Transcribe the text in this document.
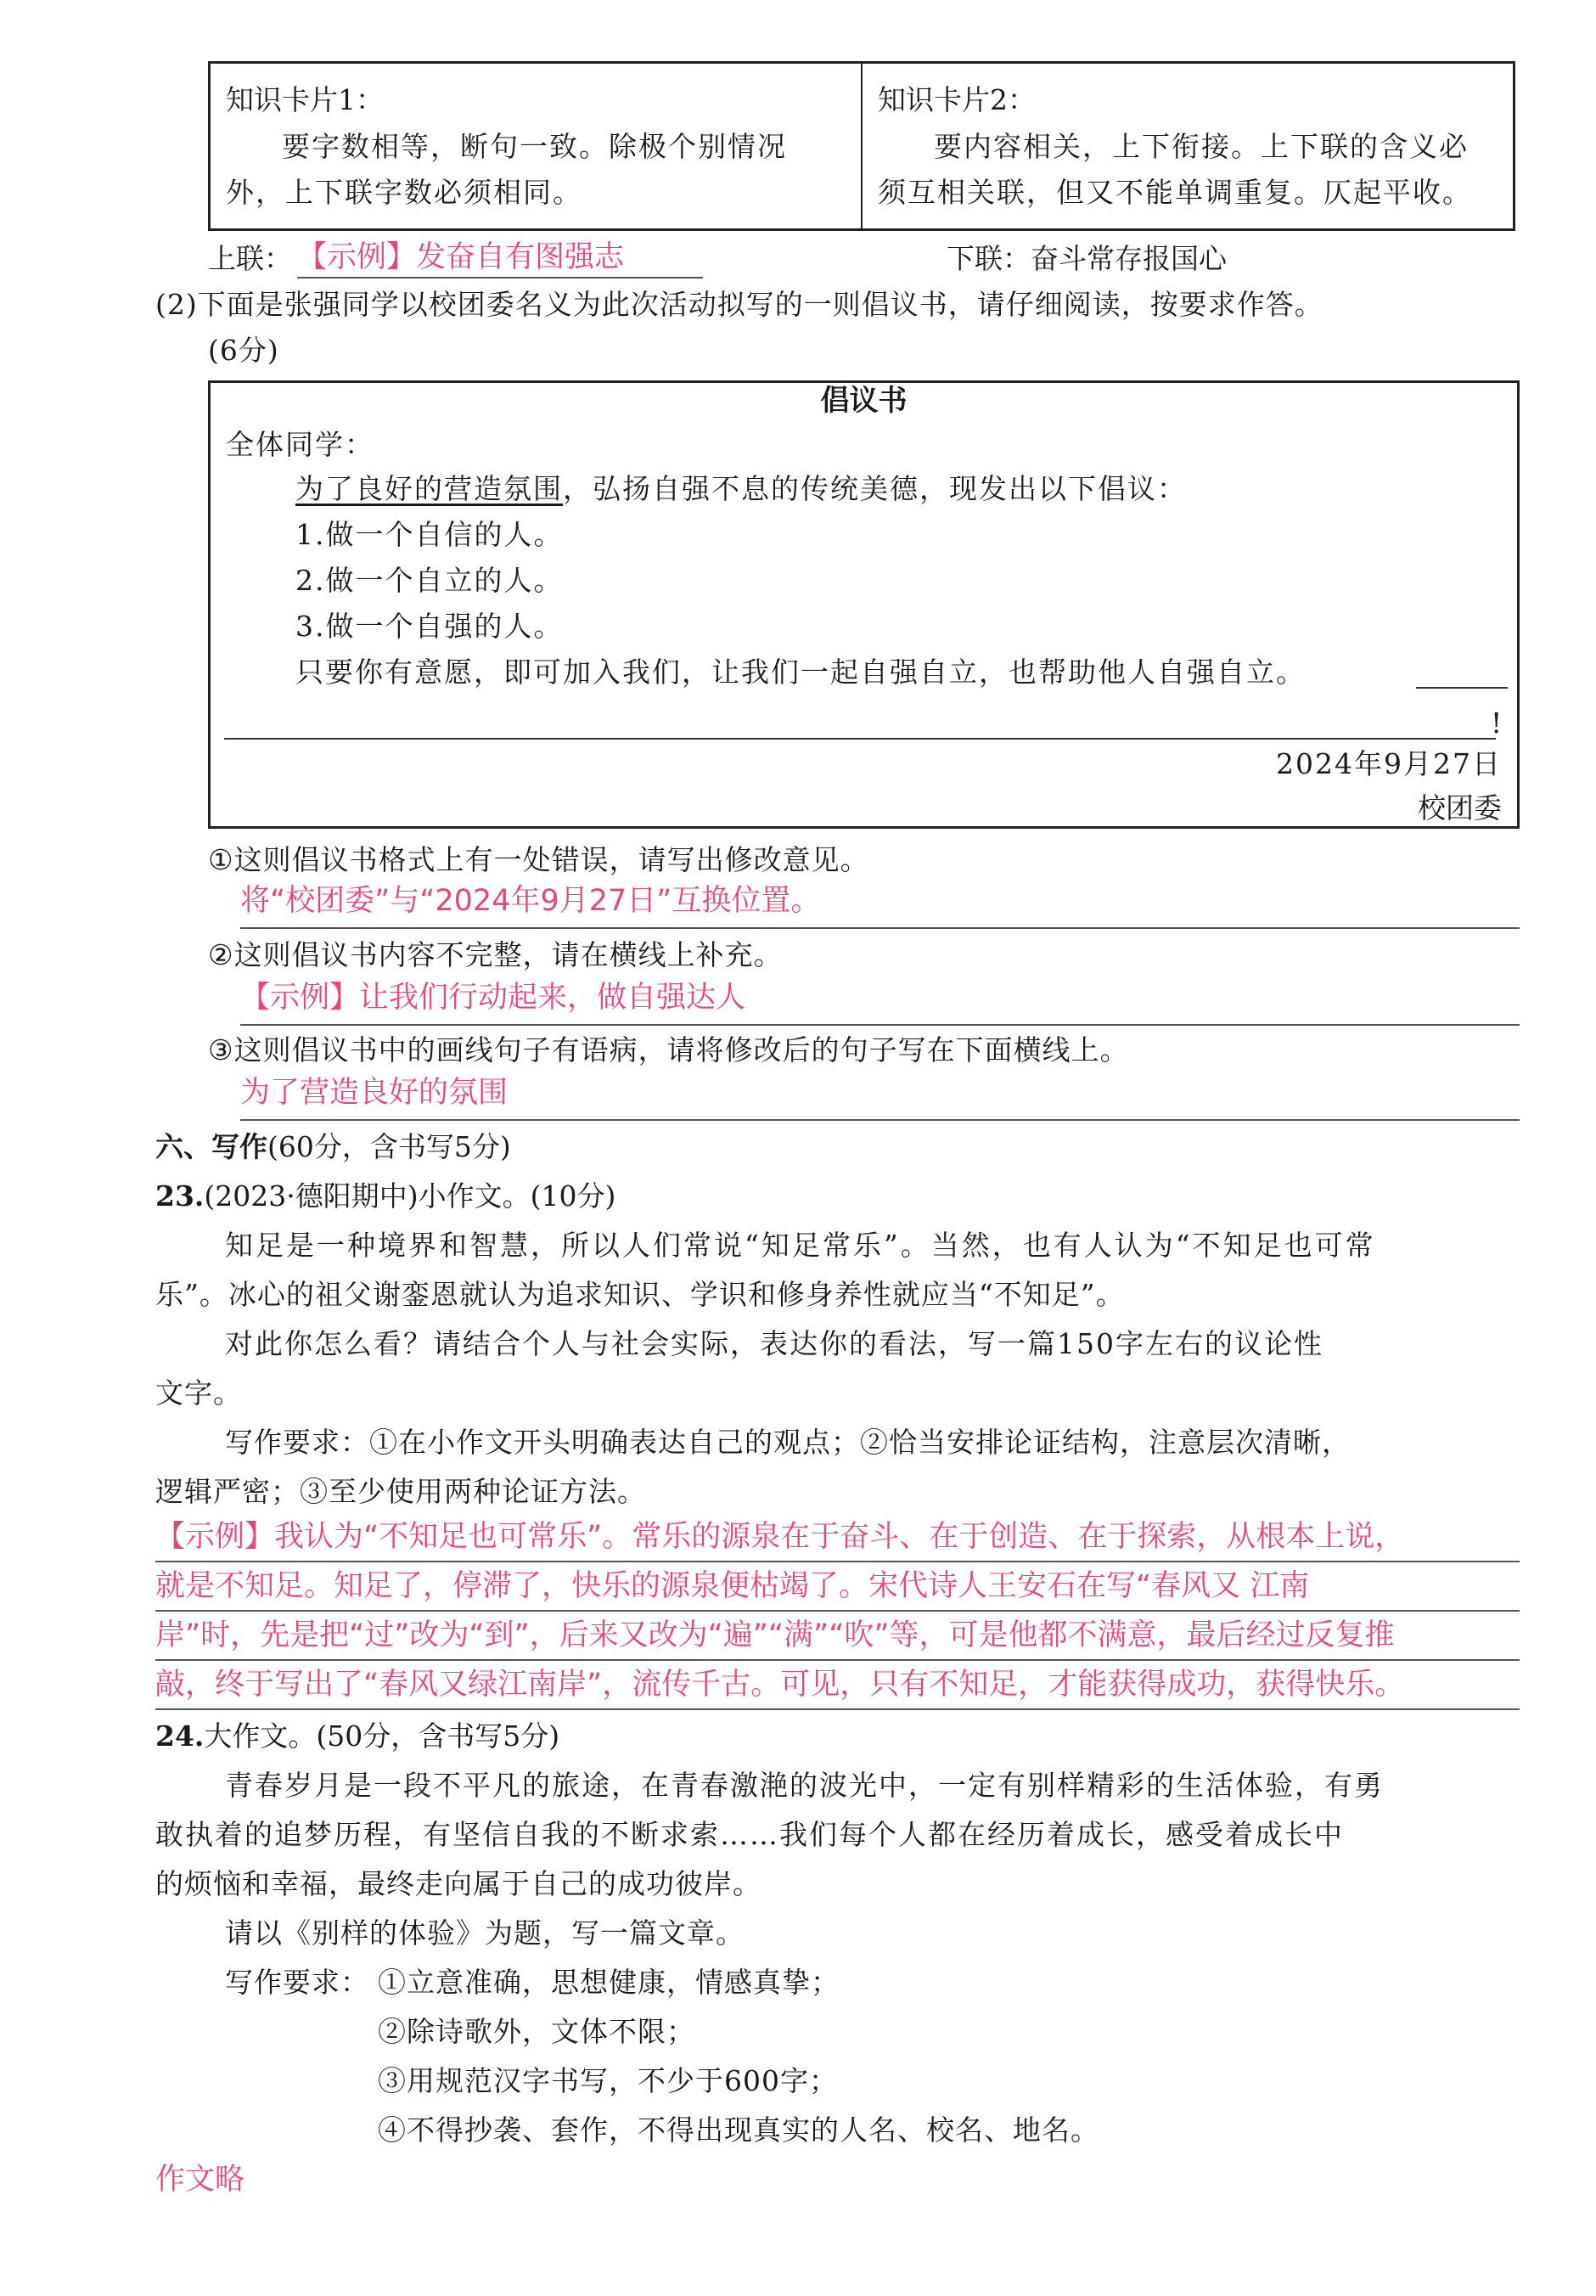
知识卡片1：
要字数相等，断句一致。除极个别情况外，上下联字数必须相同。
知识卡片2：
要内容相关，上下衔接。上下联的含义必须互相关联，但又不能单调重复。仄起平收。
上联： 【示例】发奋自有图强志	下联：奋斗常存报国心
(2)下面是张强同学以校团委名义为此次活动拟写的一则倡议书，请仔细阅读，按要求作答。
(6分)
倡议书
全体同学：
为了良好的营造氛围，弘扬自强不息的传统美德，现发出以下倡议：
1.做一个自信的人。
2.做一个自立的人。
3.做一个自强的人。
只要你有意愿，即可加入我们，让我们一起自强自立，也帮助他人自强自立。
!
2024年9月27日
校团委
①这则倡议书格式上有一处错误，请写出修改意见。
将“校团委”与“2024年9月27日”互换位置。
②这则倡议书内容不完整，请在横线上补充。
【示例】让我们行动起来，做自强达人
③这则倡议书中的画线句子有语病，请将修改后的句子写在下面横线上。
为了营造良好的氛围
六、写作(60分，含书写5分)
23.(2023·德阳期中)小作文。(10分)
知足是一种境界和智慧，所以人们常说“知足常乐”。当然，也有人认为“不知足也可常
乐”。冰心的祖父谢銮恩就认为追求知识、学识和修身养性就应当“不知足”。
对此你怎么看？请结合个人与社会实际，表达你的看法，写一篇150字左右的议论性
文字。
写作要求：①在小作文开头明确表达自己的观点；②恰当安排论证结构，注意层次清晰，
逻辑严密；③至少使用两种论证方法。
【示例】我认为“不知足也可常乐”。常乐的源泉在于奋斗、在于创造、在于探索，从根本上说，
就是不知足。知足了，停滞了，快乐的源泉便枯竭了。宋代诗人王安石在写“春风又 江南
岸”时，先是把“过”改为“到”，后来又改为“遍”“满”“吹”等，可是他都不满意，最后经过反复推
敲，终于写出了“春风又绿江南岸”，流传千古。可见，只有不知足，才能获得成功，获得快乐。
24.大作文。(50分，含书写5分)
青春岁月是一段不平凡的旅途，在青春激滟的波光中，一定有别样精彩的生活体验，有勇
敢执着的追梦历程，有坚信自我的不断求索……我们每个人都在经历着成长，感受着成长中
的烦恼和幸福，最终走向属于自己的成功彼岸。
请以《别样的体验》为题，写一篇文章。
写作要求： ①立意准确，思想健康，情感真挚；
②除诗歌外，文体不限；
③用规范汉字书写，不少于600字；
④不得抄袭、套作，不得出现真实的人名、校名、地名。
作文略
